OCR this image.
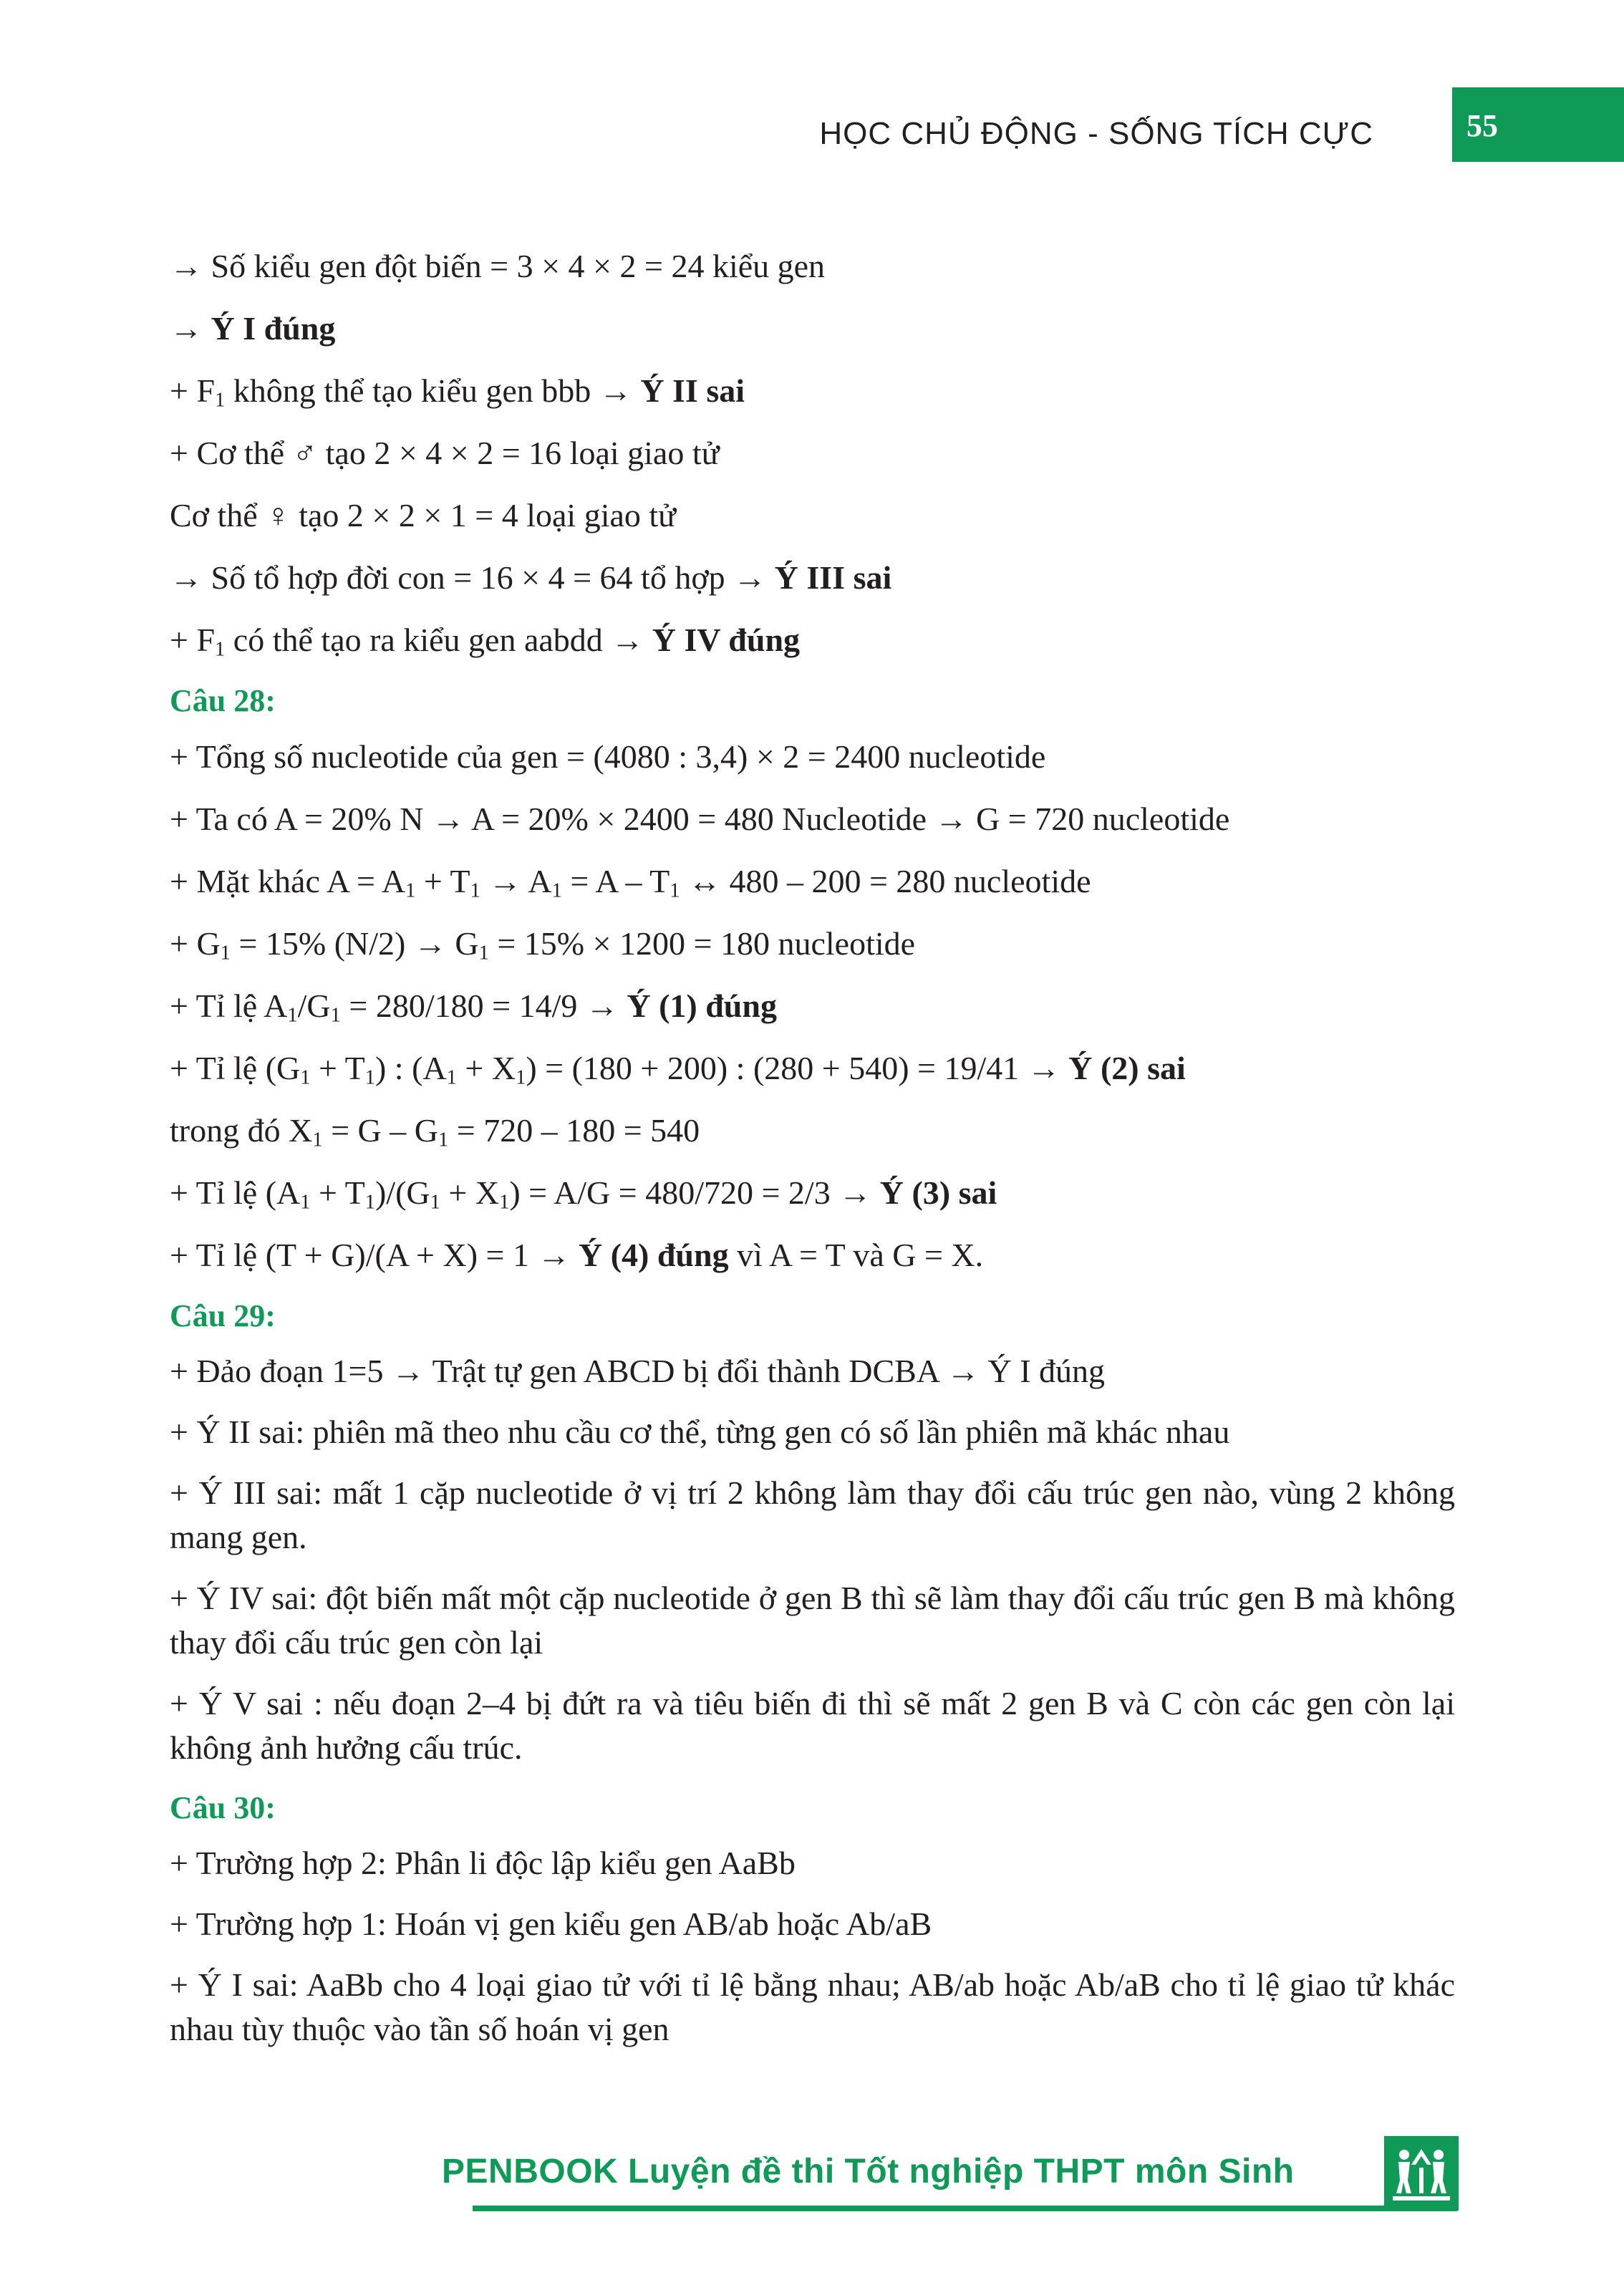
HỌC CHỦ ĐỘNG - SỐNG TÍCH CỰC	55
→ Số kiểu gen đột biến = 3 × 4 × 2 = 24 kiểu gen
→ Ý I đúng
+ $F_1$ không thể tạo kiểu gen bbb → Ý II sai
+ Cơ thể ♂ tạo 2 × 4 × 2 = 16 loại giao tử
Cơ thể ♀ tạo 2 × 2 × 1 = 4 loại giao tử
→ Số tổ hợp đời con = 16 × 4 = 64 tổ hợp → Ý III sai
+ $F_1$ có thể tạo ra kiểu gen aabdd → Ý IV đúng
Câu 28:
+ Tổng số nucleotide của gen = (4080 : 3,4) × 2 = 2400 nucleotide
+ Ta có A = 20% N → A = 20% × 2400 = 480 Nucleotide → G = 720 nucleotide
+ Mặt khác $A = A_1 + T_1 \to A_1 = A - T_1$ ↔ 480 – 200 = 280 nucleotide
+ $G_1 = 15\%$ $(N/2) \to G_1 = 15\% \times 1200 = 180$ nucleotide
+ Tỉ lệ $A_1/G_1 = 280/180 = 14/9$ → Ý (1) đúng
+ Tỉ lệ $(G_1 + T_1)$ : $(A_1 + X_1) = (180 + 200)$ : (280 + 540) = 19/41 → Ý (2) sai
trong đó $X_1 = G - G_1 = 720 - 180 = 540$
+ Tỉ lệ $(A_1 + T_1)/(G_1 + X_1) = A/G = 480/720 = 2/3$ → Ý (3) sai
+ Tỉ lệ (T + G)/(A + X) = 1 → Ý (4) đúng vì A = T và G = X.
Câu 29:
+ Đảo đoạn 1=5 → Trật tự gen ABCD bị đổi thành DCBA → Ý I đúng
+ Ý II sai: phiên mã theo nhu cầu cơ thể, từng gen có số lần phiên mã khác nhau
+ Ý III sai: mất 1 cặp nucleotide ở vị trí 2 không làm thay đổi cấu trúc gen nào, vùng 2 không mang gen.
+ Ý IV sai: đột biến mất một cặp nucleotide ở gen B thì sẽ làm thay đổi cấu trúc gen B mà không thay đổi cấu trúc gen còn lại
+ Ý V sai : nếu đoạn 2–4 bị đứt ra và tiêu biến đi thì sẽ mất 2 gen B và C còn các gen còn lại không ảnh hưởng cấu trúc.
Câu 30:
+ Trường hợp 2: Phân li độc lập kiểu gen AaBb
+ Trường hợp 1: Hoán vị gen kiểu gen AB/ab hoặc Ab/aB
+ Ý I sai: AaBb cho 4 loại giao tử với tỉ lệ bằng nhau; AB/ab hoặc Ab/aB cho tỉ lệ giao tử khác nhau tùy thuộc vào tần số hoán vị gen
PENBOOK Luyện đề thi Tốt nghiệp THPT môn Sinh
